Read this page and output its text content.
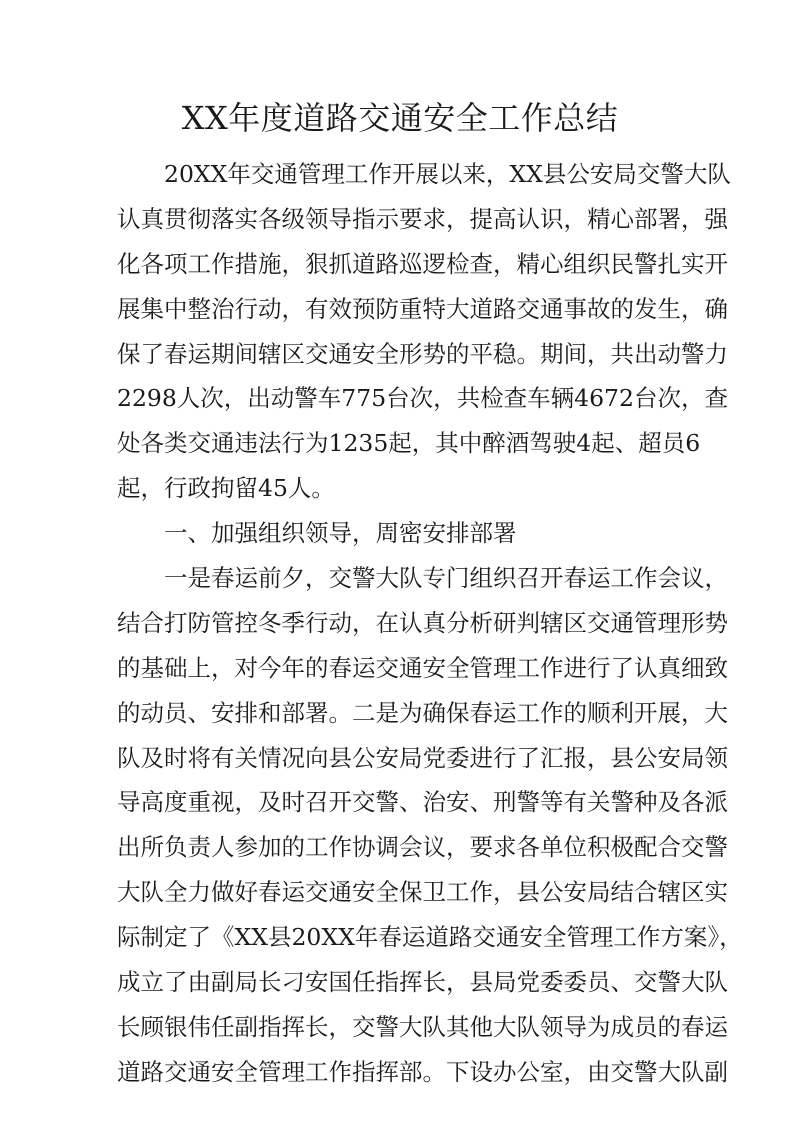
XX年度道路交通安全工作总结
20XX年交通管理工作开展以来，XX县公安局交警大队
认真贯彻落实各级领导指示要求，提高认识，精心部署，强
化各项工作措施，狠抓道路巡逻检查，精心组织民警扎实开
展集中整治行动，有效预防重特大道路交通事故的发生，确
保了春运期间辖区交通安全形势的平稳。期间，共出动警力
2298人次，出动警车775台次，共检查车辆4672台次，查
处各类交通违法行为1235起，其中醉酒驾驶4起、超员6
起，行政拘留45人。
一、加强组织领导，周密安排部署
一是春运前夕，交警大队专门组织召开春运工作会议，
结合打防管控冬季行动，在认真分析研判辖区交通管理形势
的基础上，对今年的春运交通安全管理工作进行了认真细致
的动员、安排和部署。二是为确保春运工作的顺利开展，大
队及时将有关情况向县公安局党委进行了汇报，县公安局领
导高度重视，及时召开交警、治安、刑警等有关警种及各派
出所负责人参加的工作协调会议，要求各单位积极配合交警
大队全力做好春运交通安全保卫工作，县公安局结合辖区实
际制定了《XX县20XX年春运道路交通安全管理工作方案》，
成立了由副局长刁安国任指挥长，县局党委委员、交警大队
长顾银伟任副指挥长，交警大队其他大队领导为成员的春运
道路交通安全管理工作指挥部。下设办公室，由交警大队副
